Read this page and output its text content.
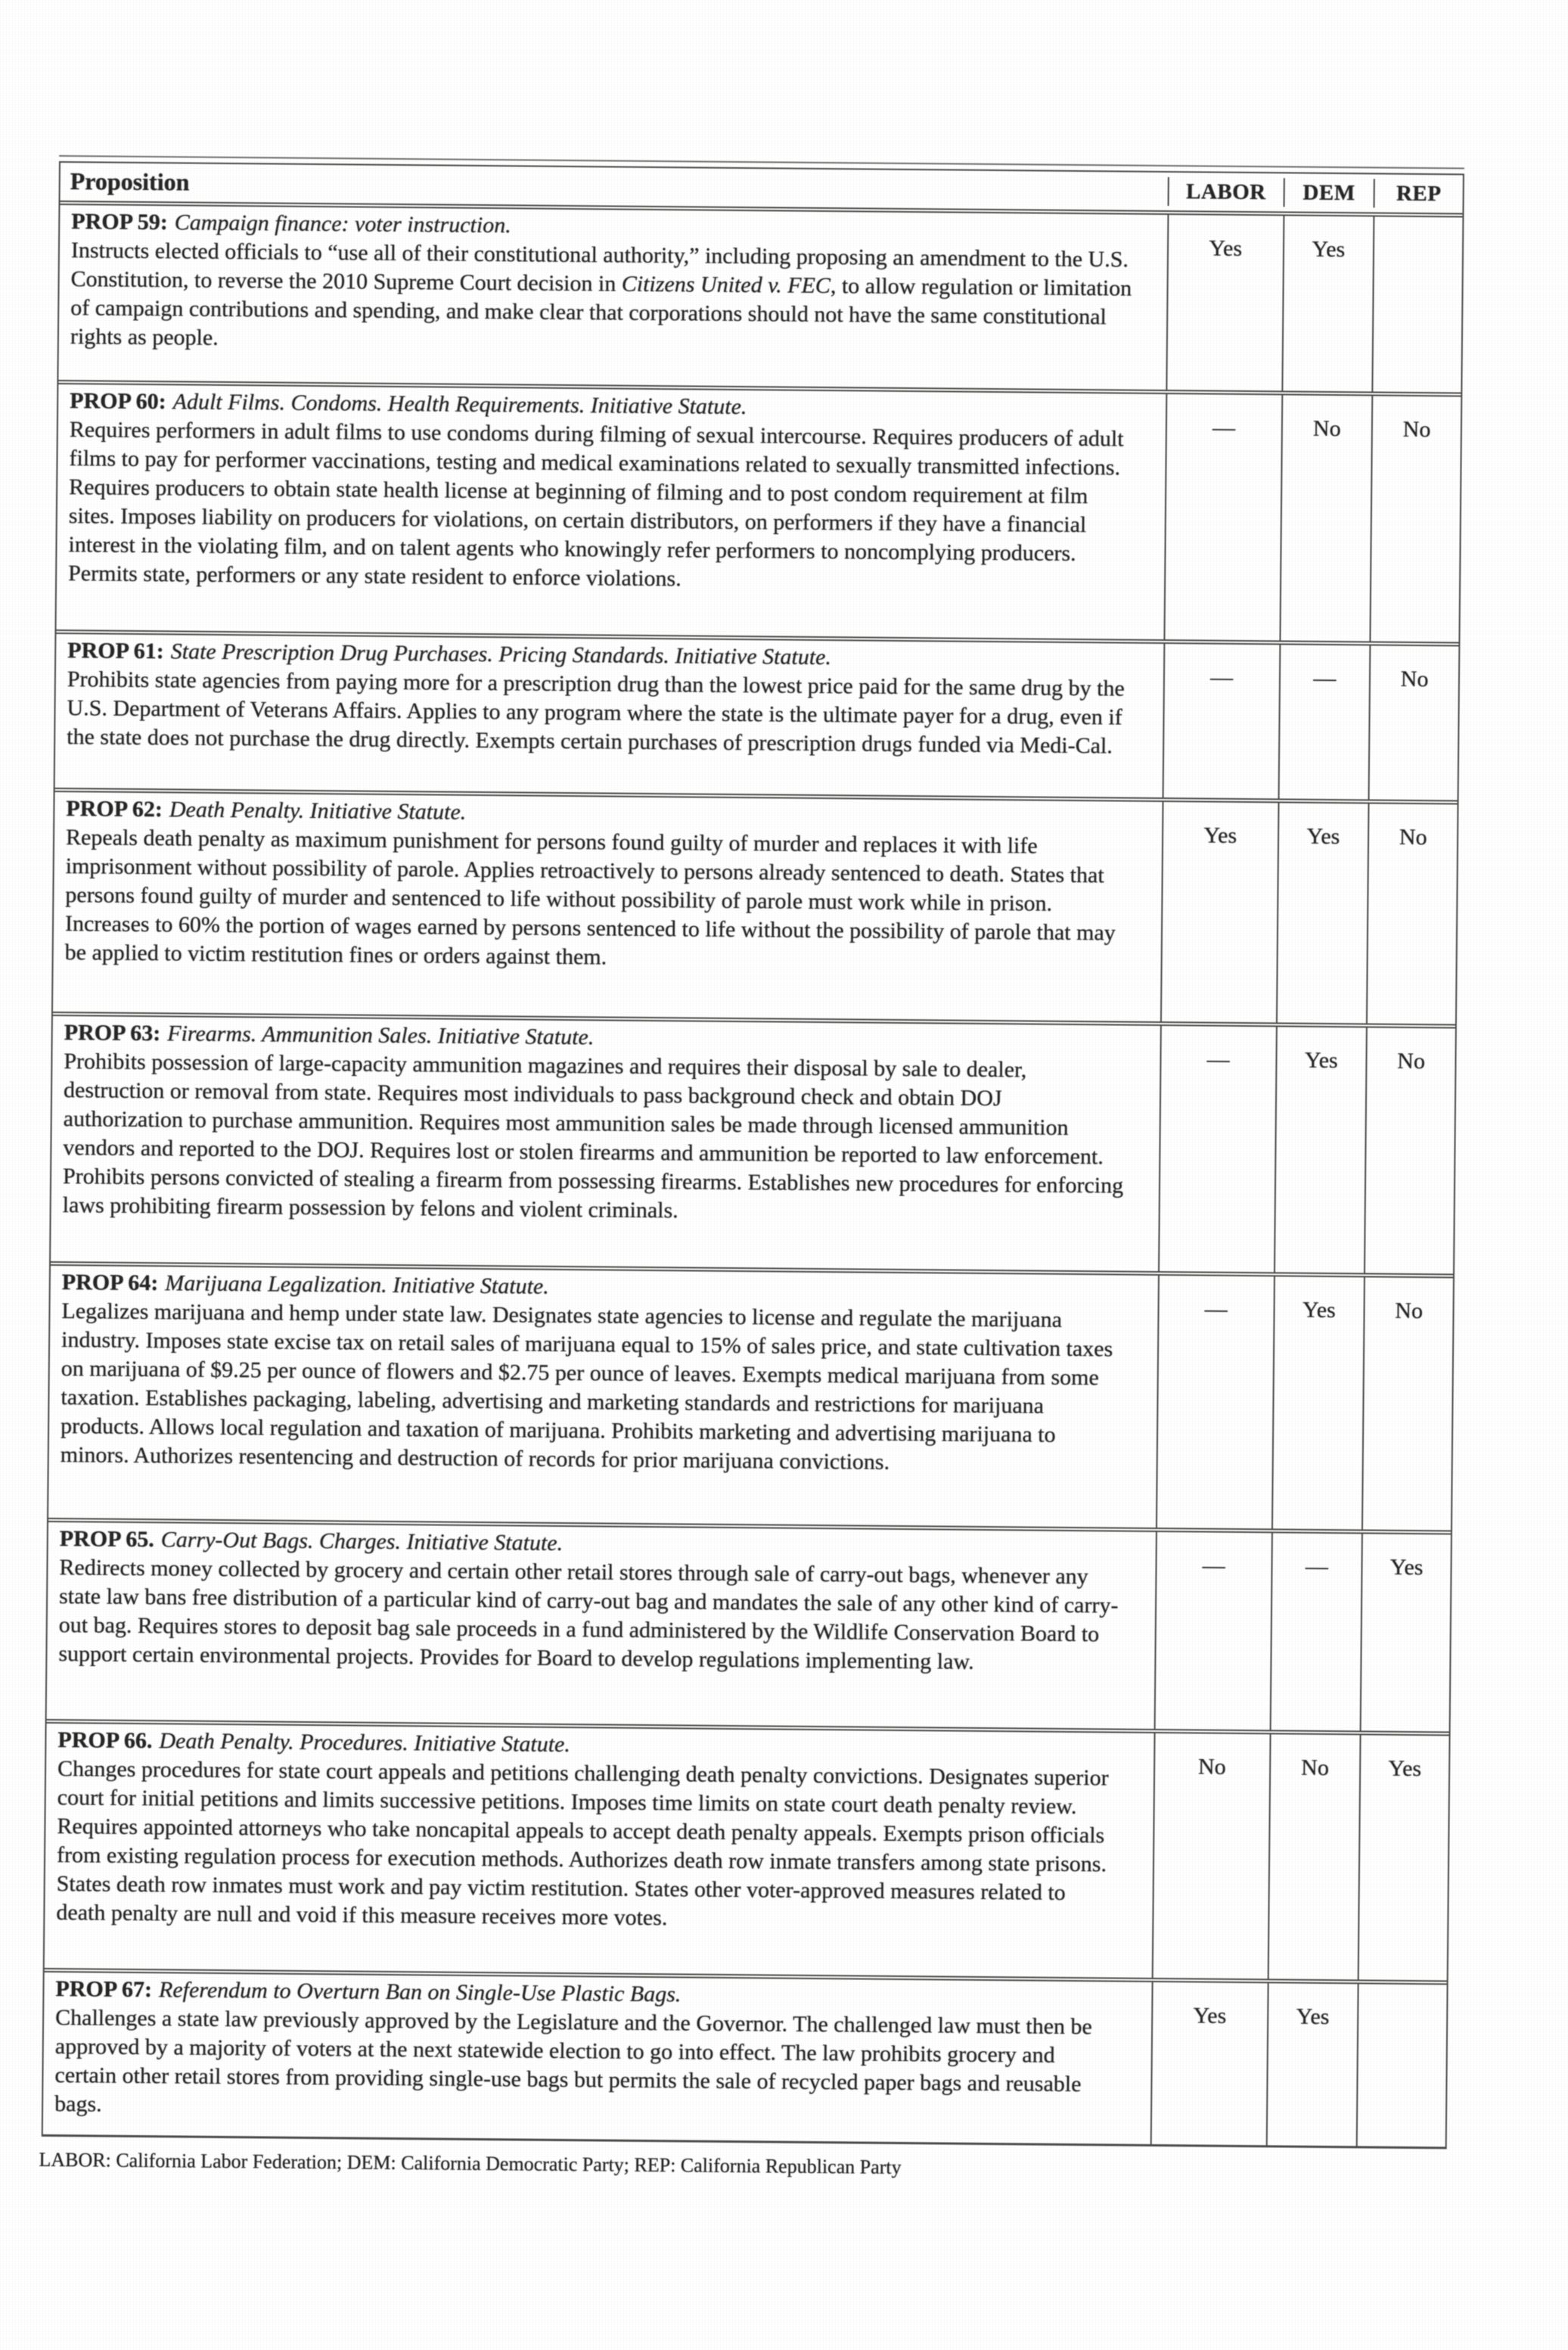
Proposition	LABOR	DEM	REP
PROP 59: Campaign finance: voter instruction.
Instructs elected officials to “use all of their constitutional authority,” including proposing an amendment to the U.S. Constitution, to reverse the 2010 Supreme Court decision in Citizens United v. FEC, to allow regulation or limitation of campaign contributions and spending, and make clear that corporations should not have the same constitutional rights as people.
Yes	Yes
PROP 60: Adult Films. Condoms. Health Requirements. Initiative Statute.
Requires performers in adult films to use condoms during filming of sexual intercourse. Requires producers of adult films to pay for performer vaccinations, testing and medical examinations related to sexually transmitted infections. Requires producers to obtain state health license at beginning of filming and to post condom requirement at film sites. Imposes liability on producers for violations, on certain distributors, on performers if they have a financial interest in the violating film, and on talent agents who knowingly refer performers to noncomplying producers. Permits state, performers or any state resident to enforce violations.
—	No	No
PROP 61: State Prescription Drug Purchases. Pricing Standards. Initiative Statute.
Prohibits state agencies from paying more for a prescription drug than the lowest price paid for the same drug by the U.S. Department of Veterans Affairs. Applies to any program where the state is the ultimate payer for a drug, even if the state does not purchase the drug directly. Exempts certain purchases of prescription drugs funded via Medi-Cal.
—	—	No
PROP 62: Death Penalty. Initiative Statute.
Repeals death penalty as maximum punishment for persons found guilty of murder and replaces it with life imprisonment without possibility of parole. Applies retroactively to persons already sentenced to death. States that persons found guilty of murder and sentenced to life without possibility of parole must work while in prison. Increases to 60% the portion of wages earned by persons sentenced to life without the possibility of parole that may be applied to victim restitution fines or orders against them.
Yes	Yes	No
PROP 63: Firearms. Ammunition Sales. Initiative Statute.
Prohibits possession of large-capacity ammunition magazines and requires their disposal by sale to dealer, destruction or removal from state. Requires most individuals to pass background check and obtain DOJ authorization to purchase ammunition. Requires most ammunition sales be made through licensed ammunition vendors and reported to the DOJ. Requires lost or stolen firearms and ammunition be reported to law enforcement. Prohibits persons convicted of stealing a firearm from possessing firearms. Establishes new procedures for enforcing laws prohibiting firearm possession by felons and violent criminals.
—	Yes	No
PROP 64: Marijuana Legalization. Initiative Statute.
Legalizes marijuana and hemp under state law. Designates state agencies to license and regulate the marijuana industry. Imposes state excise tax on retail sales of marijuana equal to 15% of sales price, and state cultivation taxes on marijuana of $9.25 per ounce of flowers and $2.75 per ounce of leaves. Exempts medical marijuana from some taxation. Establishes packaging, labeling, advertising and marketing standards and restrictions for marijuana products. Allows local regulation and taxation of marijuana. Prohibits marketing and advertising marijuana to minors. Authorizes resentencing and destruction of records for prior marijuana convictions.
—	Yes	No
PROP 65. Carry-Out Bags. Charges. Initiative Statute.
Redirects money collected by grocery and certain other retail stores through sale of carry-out bags, whenever any state law bans free distribution of a particular kind of carry-out bag and mandates the sale of any other kind of carry-out bag. Requires stores to deposit bag sale proceeds in a fund administered by the Wildlife Conservation Board to support certain environmental projects. Provides for Board to develop regulations implementing law.
—	—	Yes
PROP 66. Death Penalty. Procedures. Initiative Statute.
Changes procedures for state court appeals and petitions challenging death penalty convictions. Designates superior court for initial petitions and limits successive petitions. Imposes time limits on state court death penalty review. Requires appointed attorneys who take noncapital appeals to accept death penalty appeals. Exempts prison officials from existing regulation process for execution methods. Authorizes death row inmate transfers among state prisons. States death row inmates must work and pay victim restitution. States other voter-approved measures related to death penalty are null and void if this measure receives more votes.
No	No	Yes
PROP 67: Referendum to Overturn Ban on Single-Use Plastic Bags.
Challenges a state law previously approved by the Legislature and the Governor. The challenged law must then be approved by a majority of voters at the next statewide election to go into effect. The law prohibits grocery and certain other retail stores from providing single-use bags but permits the sale of recycled paper bags and reusable bags.
Yes	Yes
LABOR: California Labor Federation; DEM: California Democratic Party; REP: California Republican Party
